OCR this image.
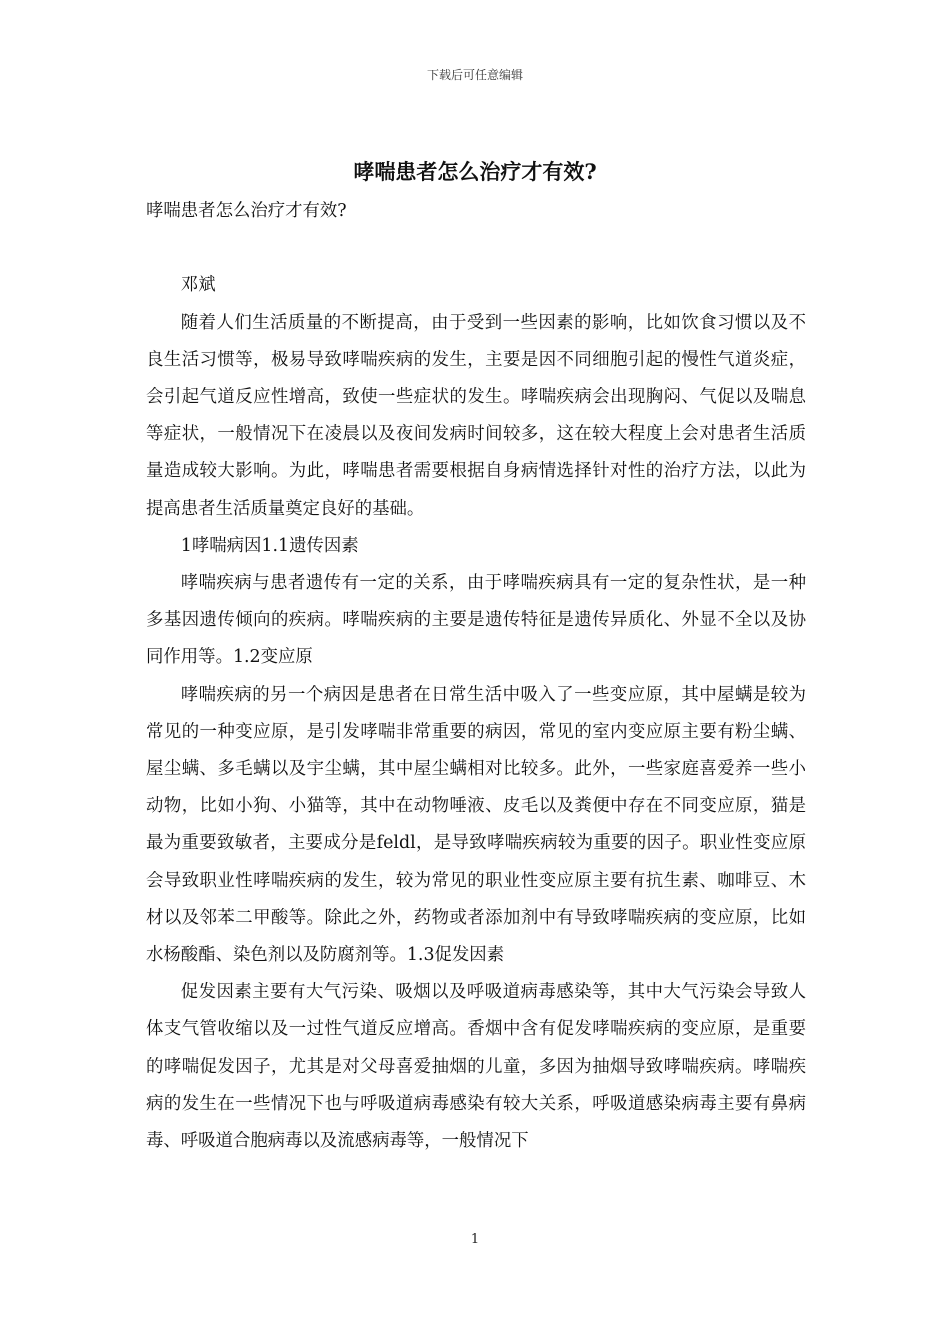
下载后可任意编辑
哮喘患者怎么治疗才有效?

哮喘患者怎么治疗才有效?

邓斌

随着人们生活质量的不断提高，由于受到一些因素的影响，比如饮食习惯以及不良生活习惯等，极易导致哮喘疾病的发生，主要是因不同细胞引起的慢性气道炎症，会引起气道反应性增高，致使一些症状的发生。哮喘疾病会出现胸闷、气促以及喘息等症状，一般情况下在凌晨以及夜间发病时间较多，这在较大程度上会对患者生活质量造成较大影响。为此，哮喘患者需要根据自身病情选择针对性的治疗方法，以此为提高患者生活质量奠定良好的基础。

1哮喘病因1.1遗传因素

哮喘疾病与患者遗传有一定的关系，由于哮喘疾病具有一定的复杂性状，是一种多基因遗传倾向的疾病。哮喘疾病的主要是遗传特征是遗传异质化、外显不全以及协同作用等。1.2变应原

哮喘疾病的另一个病因是患者在日常生活中吸入了一些变应原，其中屋螨是较为常见的一种变应原，是引发哮喘非常重要的病因，常见的室内变应原主要有粉尘螨、屋尘螨、多毛螨以及宇尘螨，其中屋尘螨相对比较多。此外，一些家庭喜爱养一些小动物，比如小狗、小猫等，其中在动物唾液、皮毛以及粪便中存在不同变应原，猫是最为重要致敏者，主要成分是feldl，是导致哮喘疾病较为重要的因子。职业性变应原会导致职业性哮喘疾病的发生，较为常见的职业性变应原主要有抗生素、咖啡豆、木材以及邻苯二甲酸等。除此之外，药物或者添加剂中有导致哮喘疾病的变应原，比如水杨酸酯、染色剂以及防腐剂等。1.3促发因素

促发因素主要有大气污染、吸烟以及呼吸道病毒感染等，其中大气污染会导致人体支气管收缩以及一过性气道反应增高。香烟中含有促发哮喘疾病的变应原，是重要的哮喘促发因子，尤其是对父母喜爱抽烟的儿童，多因为抽烟导致哮喘疾病。哮喘疾病的发生在一些情况下也与呼吸道病毒感染有较大关系，呼吸道感染病毒主要有鼻病毒、呼吸道合胞病毒以及流感病毒等，一般情况下

1
